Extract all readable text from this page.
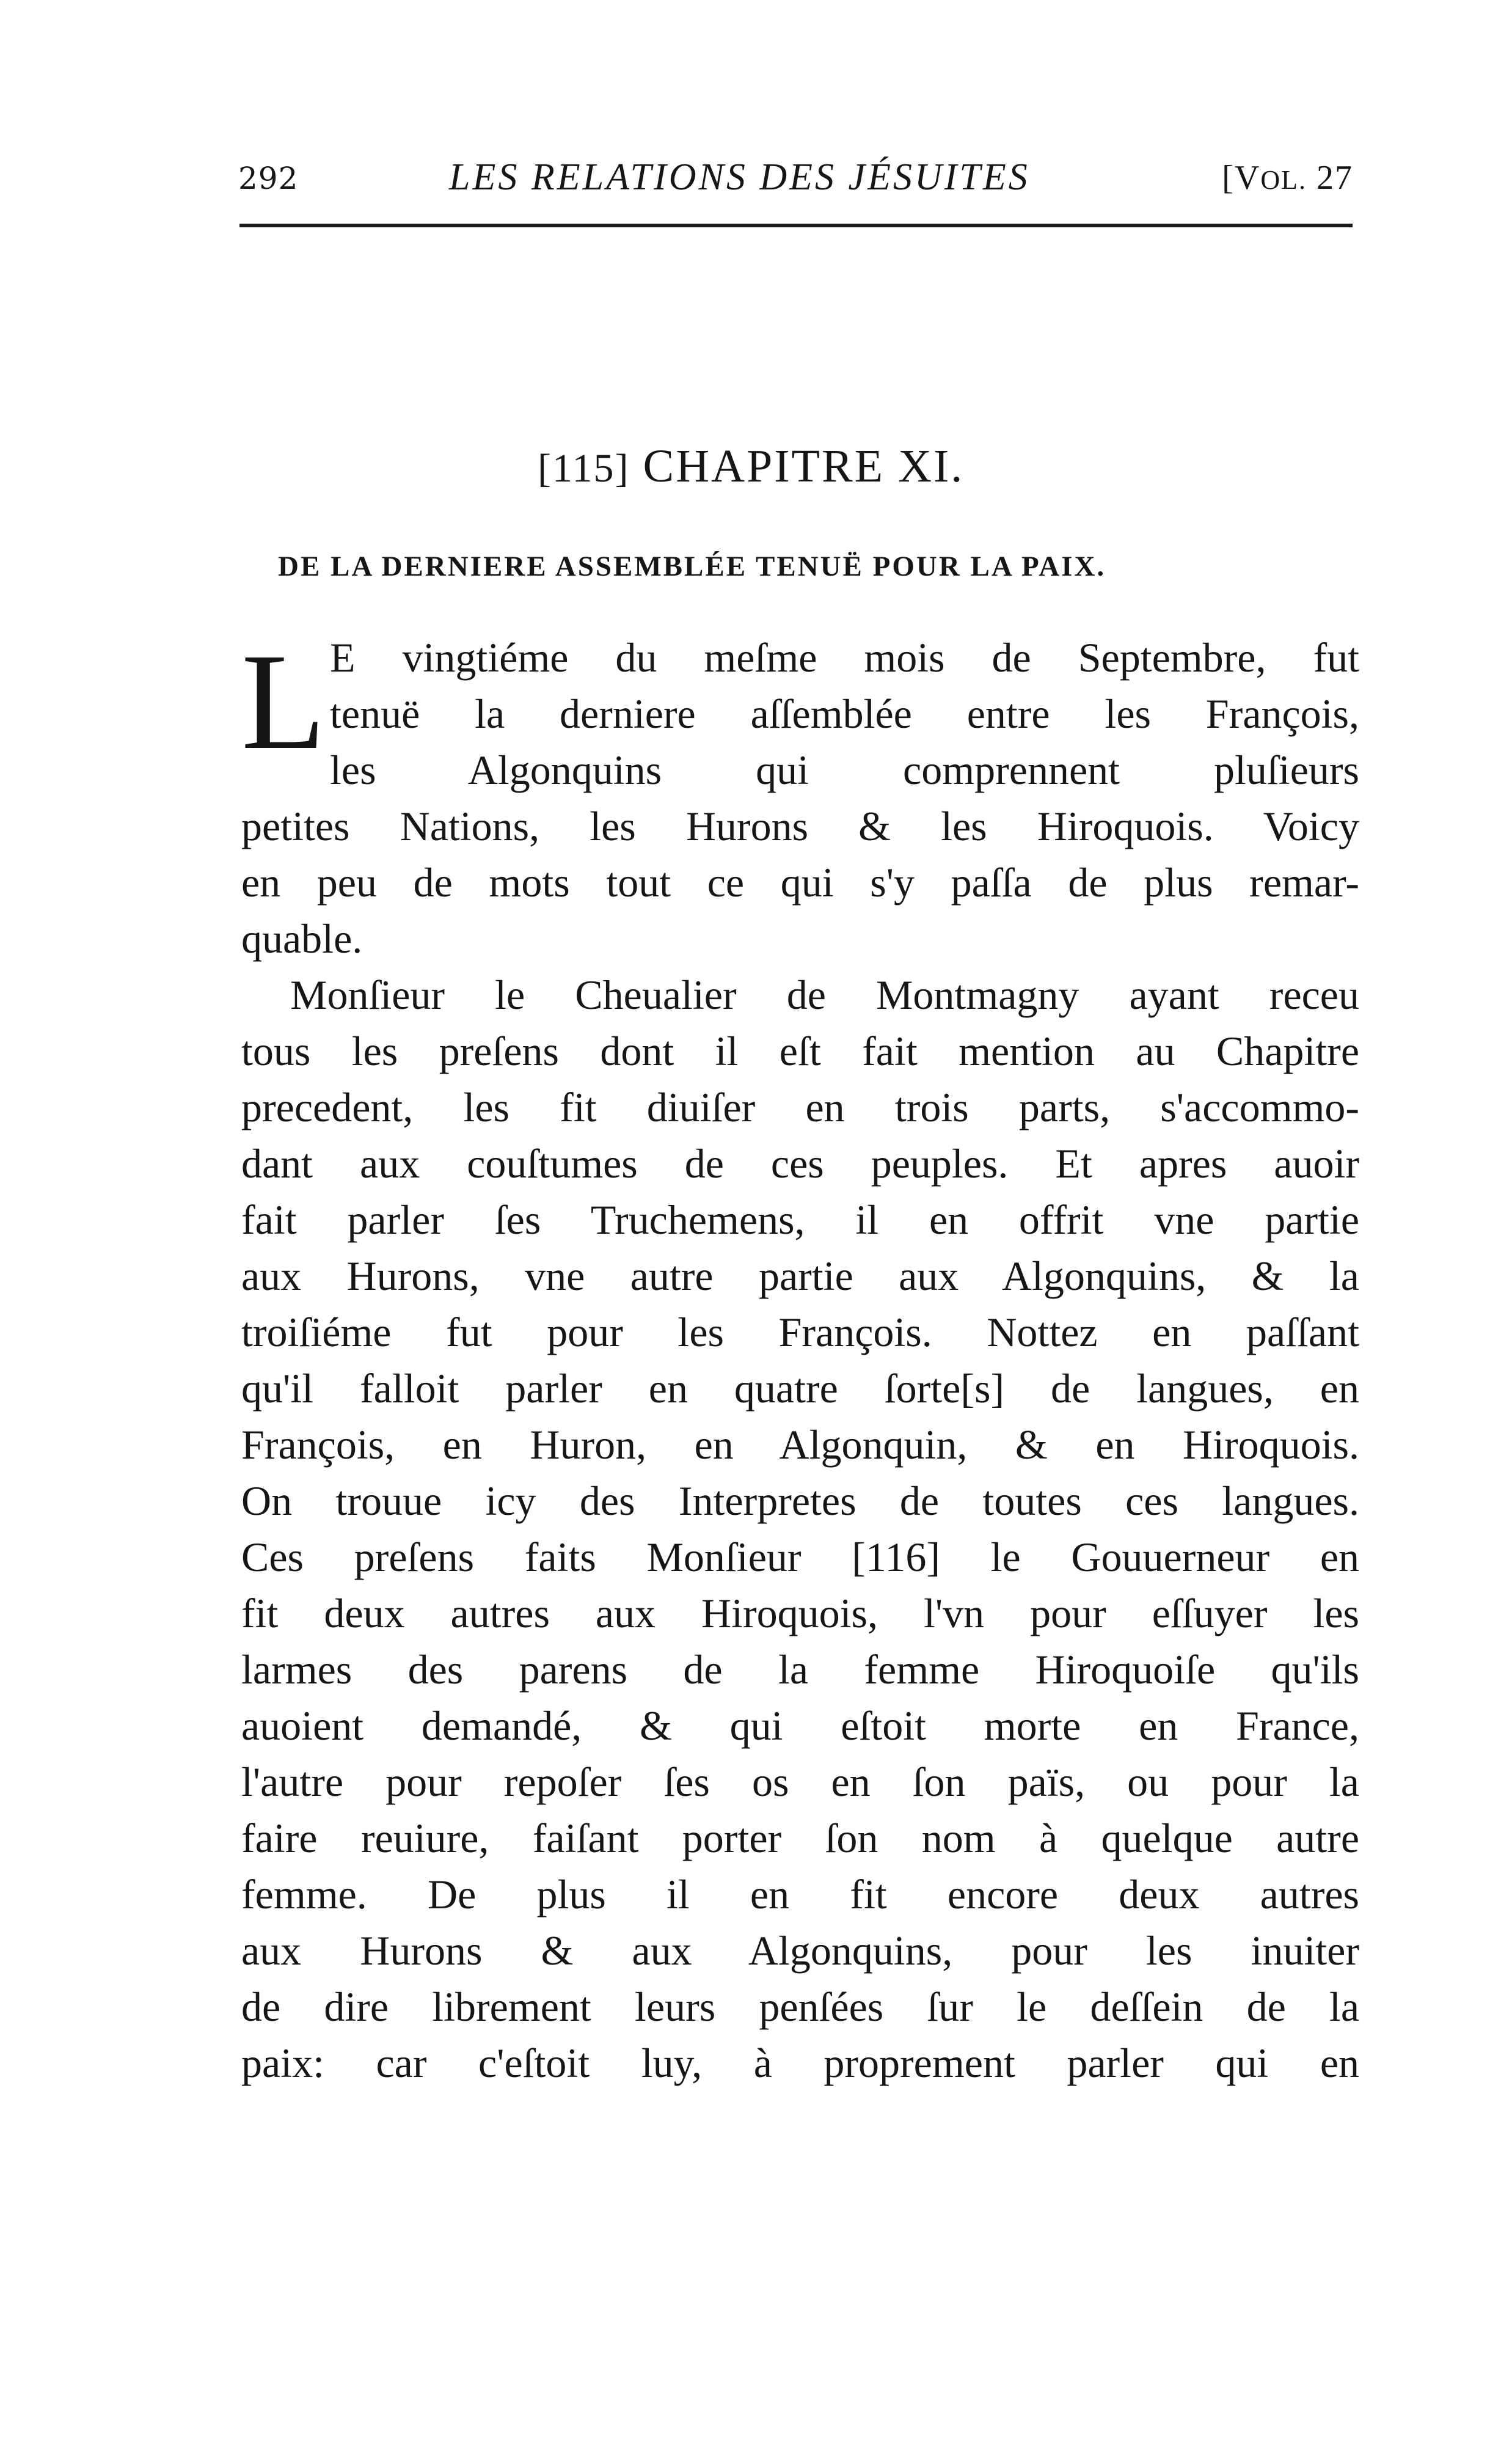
292	LES RELATIONS DES JÉSUITES	[VOL. 27
[115] CHAPITRE XI.
DE LA DERNIERE ASSEMBLÉE TENUË POUR LA PAIX.
L E vingtiéme du meſme mois de Septembre, fut
tenuë la derniere aſſemblée entre les François,
les Algonquins qui comprennent pluſieurs
petites Nations, les Hurons & les Hiroquois. Voicy
en peu de mots tout ce qui s'y paſſa de plus remar-
quable.
Monſieur le Cheualier de Montmagny ayant receu
tous les preſens dont il eſt fait mention au Chapitre
precedent, les fit diuiſer en trois parts, s'accommo-
dant aux couſtumes de ces peuples. Et apres auoir
fait parler ſes Truchemens, il en offrit vne partie
aux Hurons, vne autre partie aux Algonquins, & la
troiſiéme fut pour les François. Nottez en paſſant
qu'il falloit parler en quatre ſorte[s] de langues, en
François, en Huron, en Algonquin, & en Hiroquois.
On trouue icy des Interpretes de toutes ces langues.
Ces preſens faits Monſieur [116] le Gouuerneur en
fit deux autres aux Hiroquois, l'vn pour eſſuyer les
larmes des parens de la femme Hiroquoiſe qu'ils
auoient demandé, & qui eſtoit morte en France,
l'autre pour repoſer ſes os en ſon païs, ou pour la
faire reuiure, faiſant porter ſon nom à quelque autre
femme. De plus il en fit encore deux autres
aux Hurons & aux Algonquins, pour les inuiter
de dire librement leurs penſées ſur le deſſein de la
paix: car c'eſtoit luy, à proprement parler qui en
